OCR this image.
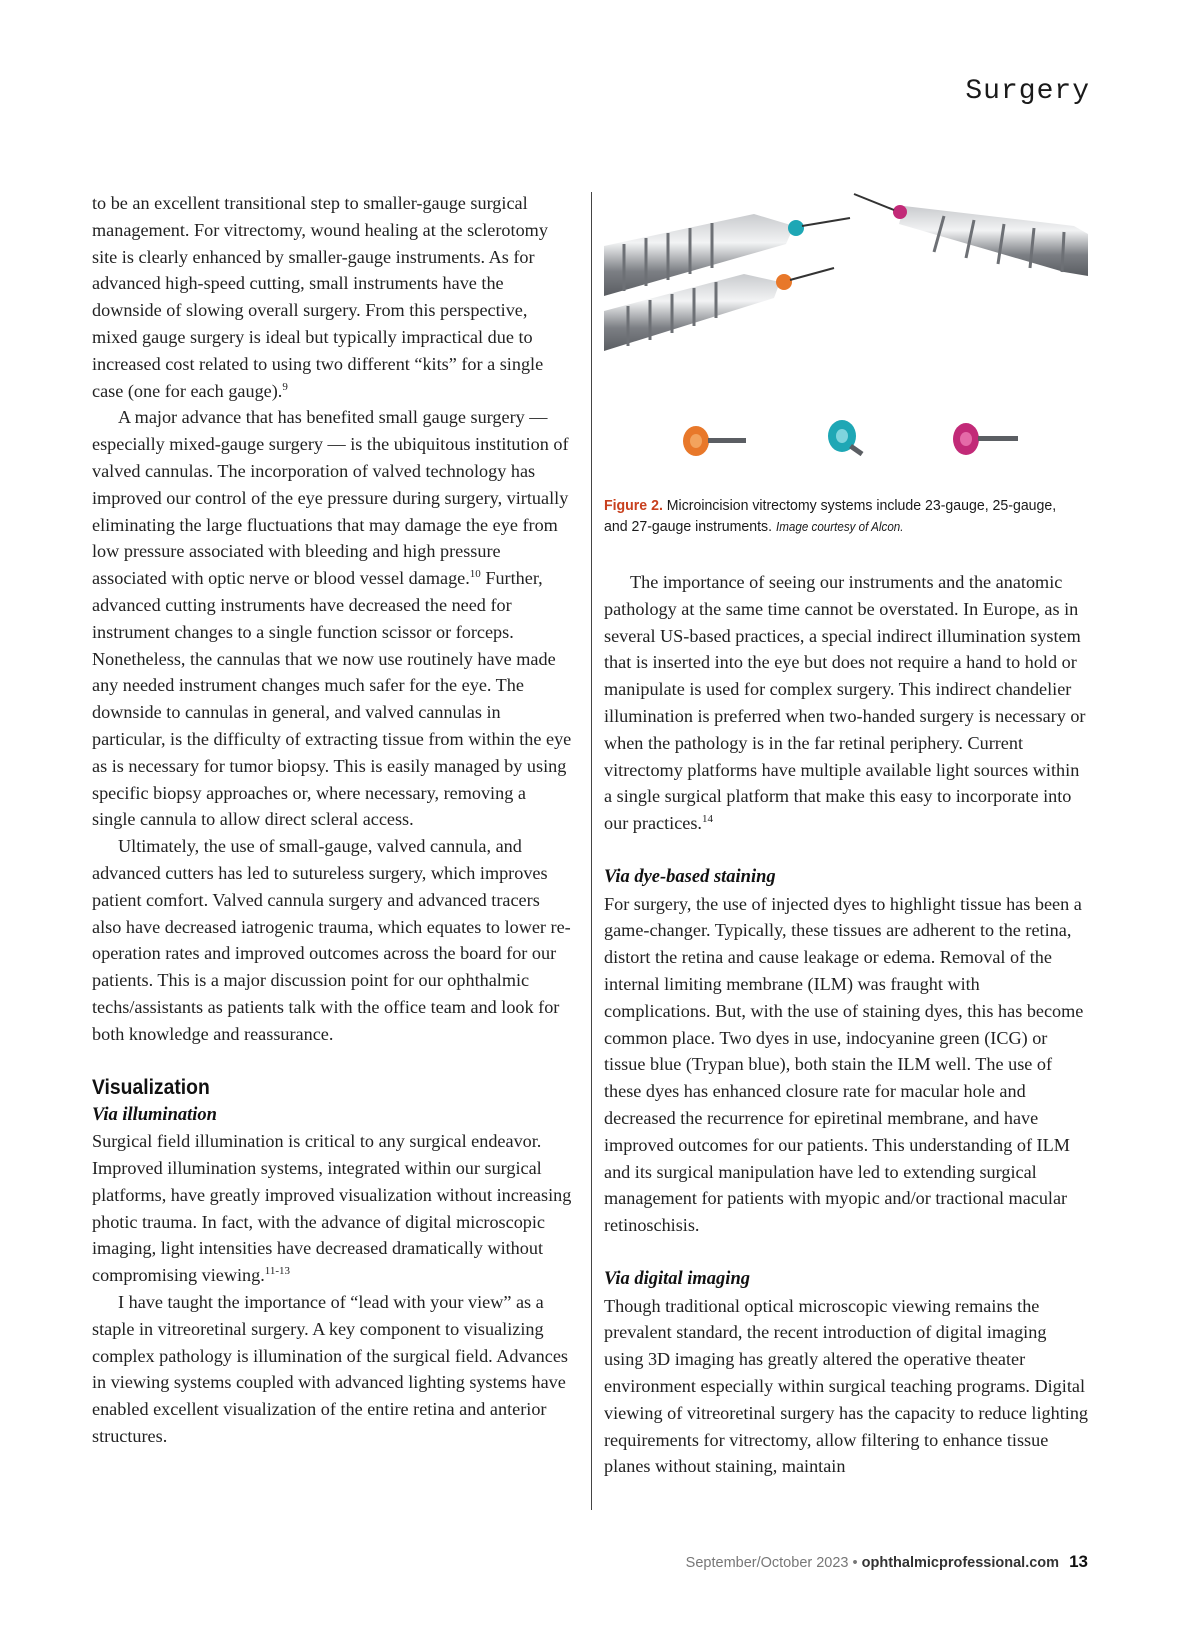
Surgery

to be an excellent transitional step to smaller-gauge surgical management. For vitrectomy, wound healing at the sclerotomy site is clearly enhanced by smaller-gauge instruments. As for advanced high-speed cutting, small instruments have the downside of slowing overall surgery. From this perspective, mixed gauge surgery is ideal but typically impractical due to increased cost related to using two different “kits” for a single case (one for each gauge).$^9$

A major advance that has benefited small gauge surgery — especially mixed-gauge surgery — is the ubiquitous institution of valved cannulas. The incorporation of valved technology has improved our control of the eye pressure during surgery, virtually eliminating the large fluctuations that may damage the eye from low pressure associated with bleeding and high pressure associated with optic nerve or blood vessel damage.$^{10}$ Further, advanced cutting instruments have decreased the need for instrument changes to a single function scissor or forceps. Nonetheless, the cannulas that we now use routinely have made any needed instrument changes much safer for the eye. The downside to cannulas in general, and valved cannulas in particular, is the difficulty of extracting tissue from within the eye as is necessary for tumor biopsy. This is easily managed by using specific biopsy approaches or, where necessary, removing a single cannula to allow direct scleral access.

Ultimately, the use of small-gauge, valved cannula, and advanced cutters has led to sutureless surgery, which improves patient comfort. Valved cannula surgery and advanced tracers also have decreased iatrogenic trauma, which equates to lower re-operation rates and improved outcomes across the board for our patients. This is a major discussion point for our ophthalmic techs/assistants as patients talk with the office team and look for both knowledge and reassurance.

Visualization
Via illumination

Surgical field illumination is critical to any surgical endeavor. Improved illumination systems, integrated within our surgical platforms, have greatly improved visualization without increasing photic trauma. In fact, with the advance of digital microscopic imaging, light intensities have decreased dramatically without compromising viewing.$^{11-13}$

I have taught the importance of “lead with your view” as a staple in vitreoretinal surgery. A key component to visualizing complex pathology is illumination of the surgical field. Advances in viewing systems coupled with advanced lighting systems have enabled excellent visualization of the entire retina and anterior structures.

Figure 2. Microincision vitrectomy systems include 23-gauge, 25-gauge, and 27-gauge instruments. Image courtesy of Alcon.

The importance of seeing our instruments and the anatomic pathology at the same time cannot be overstated. In Europe, as in several US-based practices, a special indirect illumination system that is inserted into the eye but does not require a hand to hold or manipulate is used for complex surgery. This indirect chandelier illumination is preferred when two-handed surgery is necessary or when the pathology is in the far retinal periphery. Current vitrectomy platforms have multiple available light sources within a single surgical platform that make this easy to incorporate into our practices.$^{14}$

Via dye-based staining

For surgery, the use of injected dyes to highlight tissue has been a game-changer. Typically, these tissues are adherent to the retina, distort the retina and cause leakage or edema. Removal of the internal limiting membrane (ILM) was fraught with complications. But, with the use of staining dyes, this has become common place. Two dyes in use, indocyanine green (ICG) or tissue blue (Trypan blue), both stain the ILM well. The use of these dyes has enhanced closure rate for macular hole and decreased the recurrence for epiretinal membrane, and have improved outcomes for our patients. This understanding of ILM and its surgical manipulation have led to extending surgical management for patients with myopic and/or tractional macular retinoschisis.

Via digital imaging

Though traditional optical microscopic viewing remains the prevalent standard, the recent introduction of digital imaging using 3D imaging has greatly altered the operative theater environment especially within surgical teaching programs. Digital viewing of vitreoretinal surgery has the capacity to reduce lighting requirements for vitrectomy, allow filtering to enhance tissue planes without staining, maintain

September/October 2023 • ophthalmicprofessional.com 13
